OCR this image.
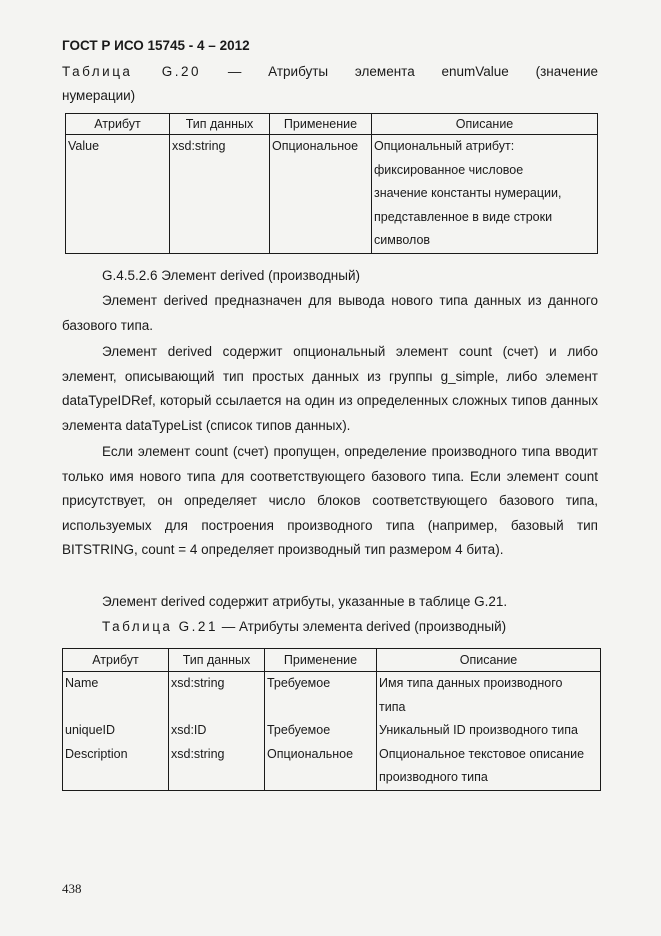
ГОСТ Р ИСО 15745 - 4 – 2012
Таблица G.20 — Атрибуты элемента enumValue (значение
нумерации)
Атрибут	Тип данных	Применение	Описание
Value	xsd:string	Опциональное	Опциональный атрибут:
фиксированное числовое
значение константы нумерации,
представленное в виде строки
символов
G.4.5.2.6 Элемент derived (производный)
Элемент derived предназначен для вывода нового типа данных из данного базового типа.
Элемент derived содержит опциональный элемент count (счет) и либо элемент, описывающий тип простых данных из группы g_simple, либо элемент dataTypeIDRef, который ссылается на один из определенных сложных типов данных элемента dataTypeList (список типов данных).
Если элемент count (счет) пропущен, определение производного типа вводит только имя нового типа для соответствующего базового типа. Если элемент count присутствует, он определяет число блоков соответствующего базового типа, используемых для построения производного типа (например, базовый тип BITSTRING, count = 4 определяет производный тип размером 4 бита).
Элемент derived содержит атрибуты, указанные в таблице G.21.
Таблица G.21 — Атрибуты элемента derived (производный)
Атрибут	Тип данных	Применение	Описание
Name	xsd:string	Требуемое	Имя типа данных производного
типа

uniqueID	xsd:ID	Требуемое	Уникальный ID производного типа

Description	xsd:string	Опциональное	Опциональное текстовое описание
производного типа
438
